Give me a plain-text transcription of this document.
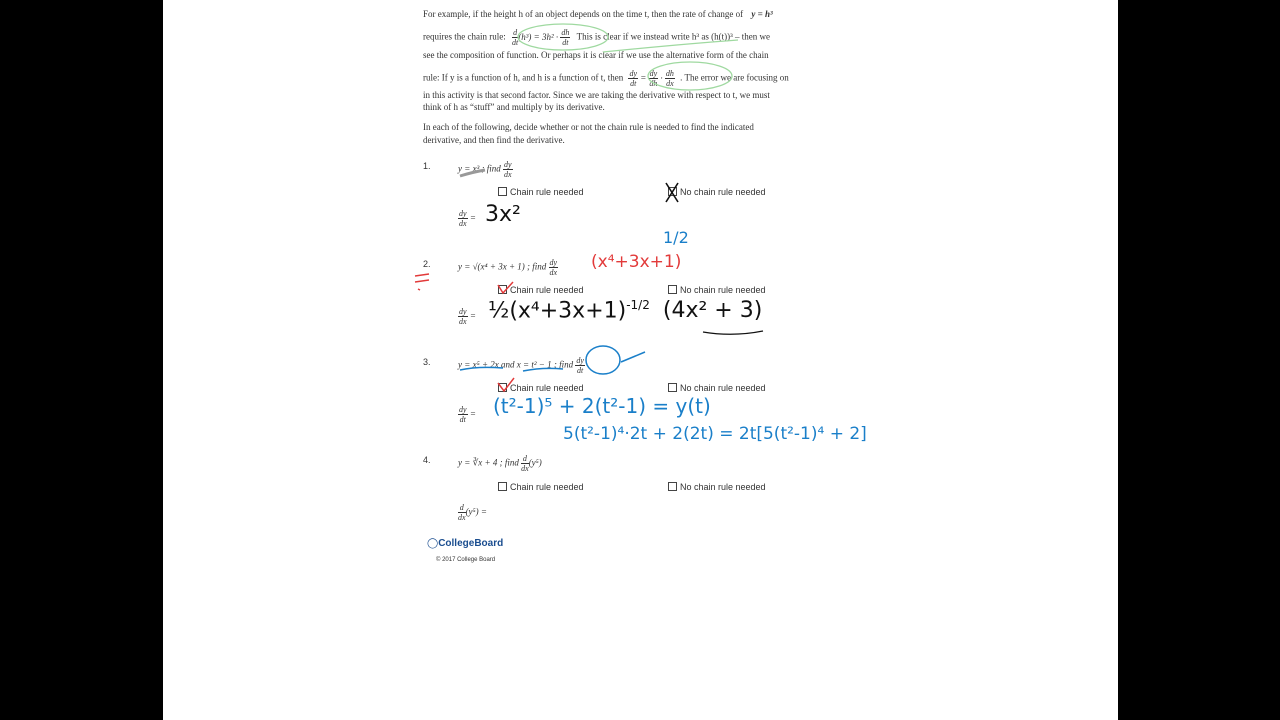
For example, if the height h of an object depends on the time t, then the rate of change of y = h³
requires the chain rule: $\frac{d}{dt} (h^3) = 3h^2 \cdot \frac{dh}{dt}$ This is clear if we instead write h³ as (h(t))³ – then we
see the composition of function. Or perhaps it is clear if we use the alternative form of the chain
rule: If y is a function of h, and h is a function of t, then $\frac{dy}{dt} = \frac{dy}{dh} \cdot \frac{dh}{dx}$ . The error we are focusing on
in this activity is that second factor. Since we are taking the derivative with respect to t, we must
think of h as “stuff” and multiply by its derivative.
In each of the following, decide whether or not the chain rule is needed to find the indicated
derivative, and then find the derivative.
1.	y = x³ ; find $\frac{dy}{dx}$
Chain rule needed	No chain rule needed
$\frac{dy}{dx} = 3x^2$
2.	y = √(x⁴ + 3x + 1) ; find $\frac{dy}{dx}$
1/2
(x⁴+3x+1)
Chain rule needed	No chain rule needed
$\frac{dy}{dx}$ = $\frac{1}{2}(x^4+3x+1)^{-1/2}$ (4x² + 3)
3.	y = x⁵ + 2x and x = t² − 1 ; find $\frac{dy}{dt}$
Chain rule needed	No chain rule needed
$\frac{dy}{dt} = (t^2-1)^5 + 2(t^2-1) = y(t)$
5(t²-1)⁴·2t + 2(2t) = 2t[5(t²-1)⁴ + 2]
4.	y = ∛x + 4 ; find $\frac{d}{dx} (y^5)$
Chain rule needed	No chain rule needed
$\frac{d}{dx} (y^5)$ =
◯CollegeBoard
© 2017 College Board
